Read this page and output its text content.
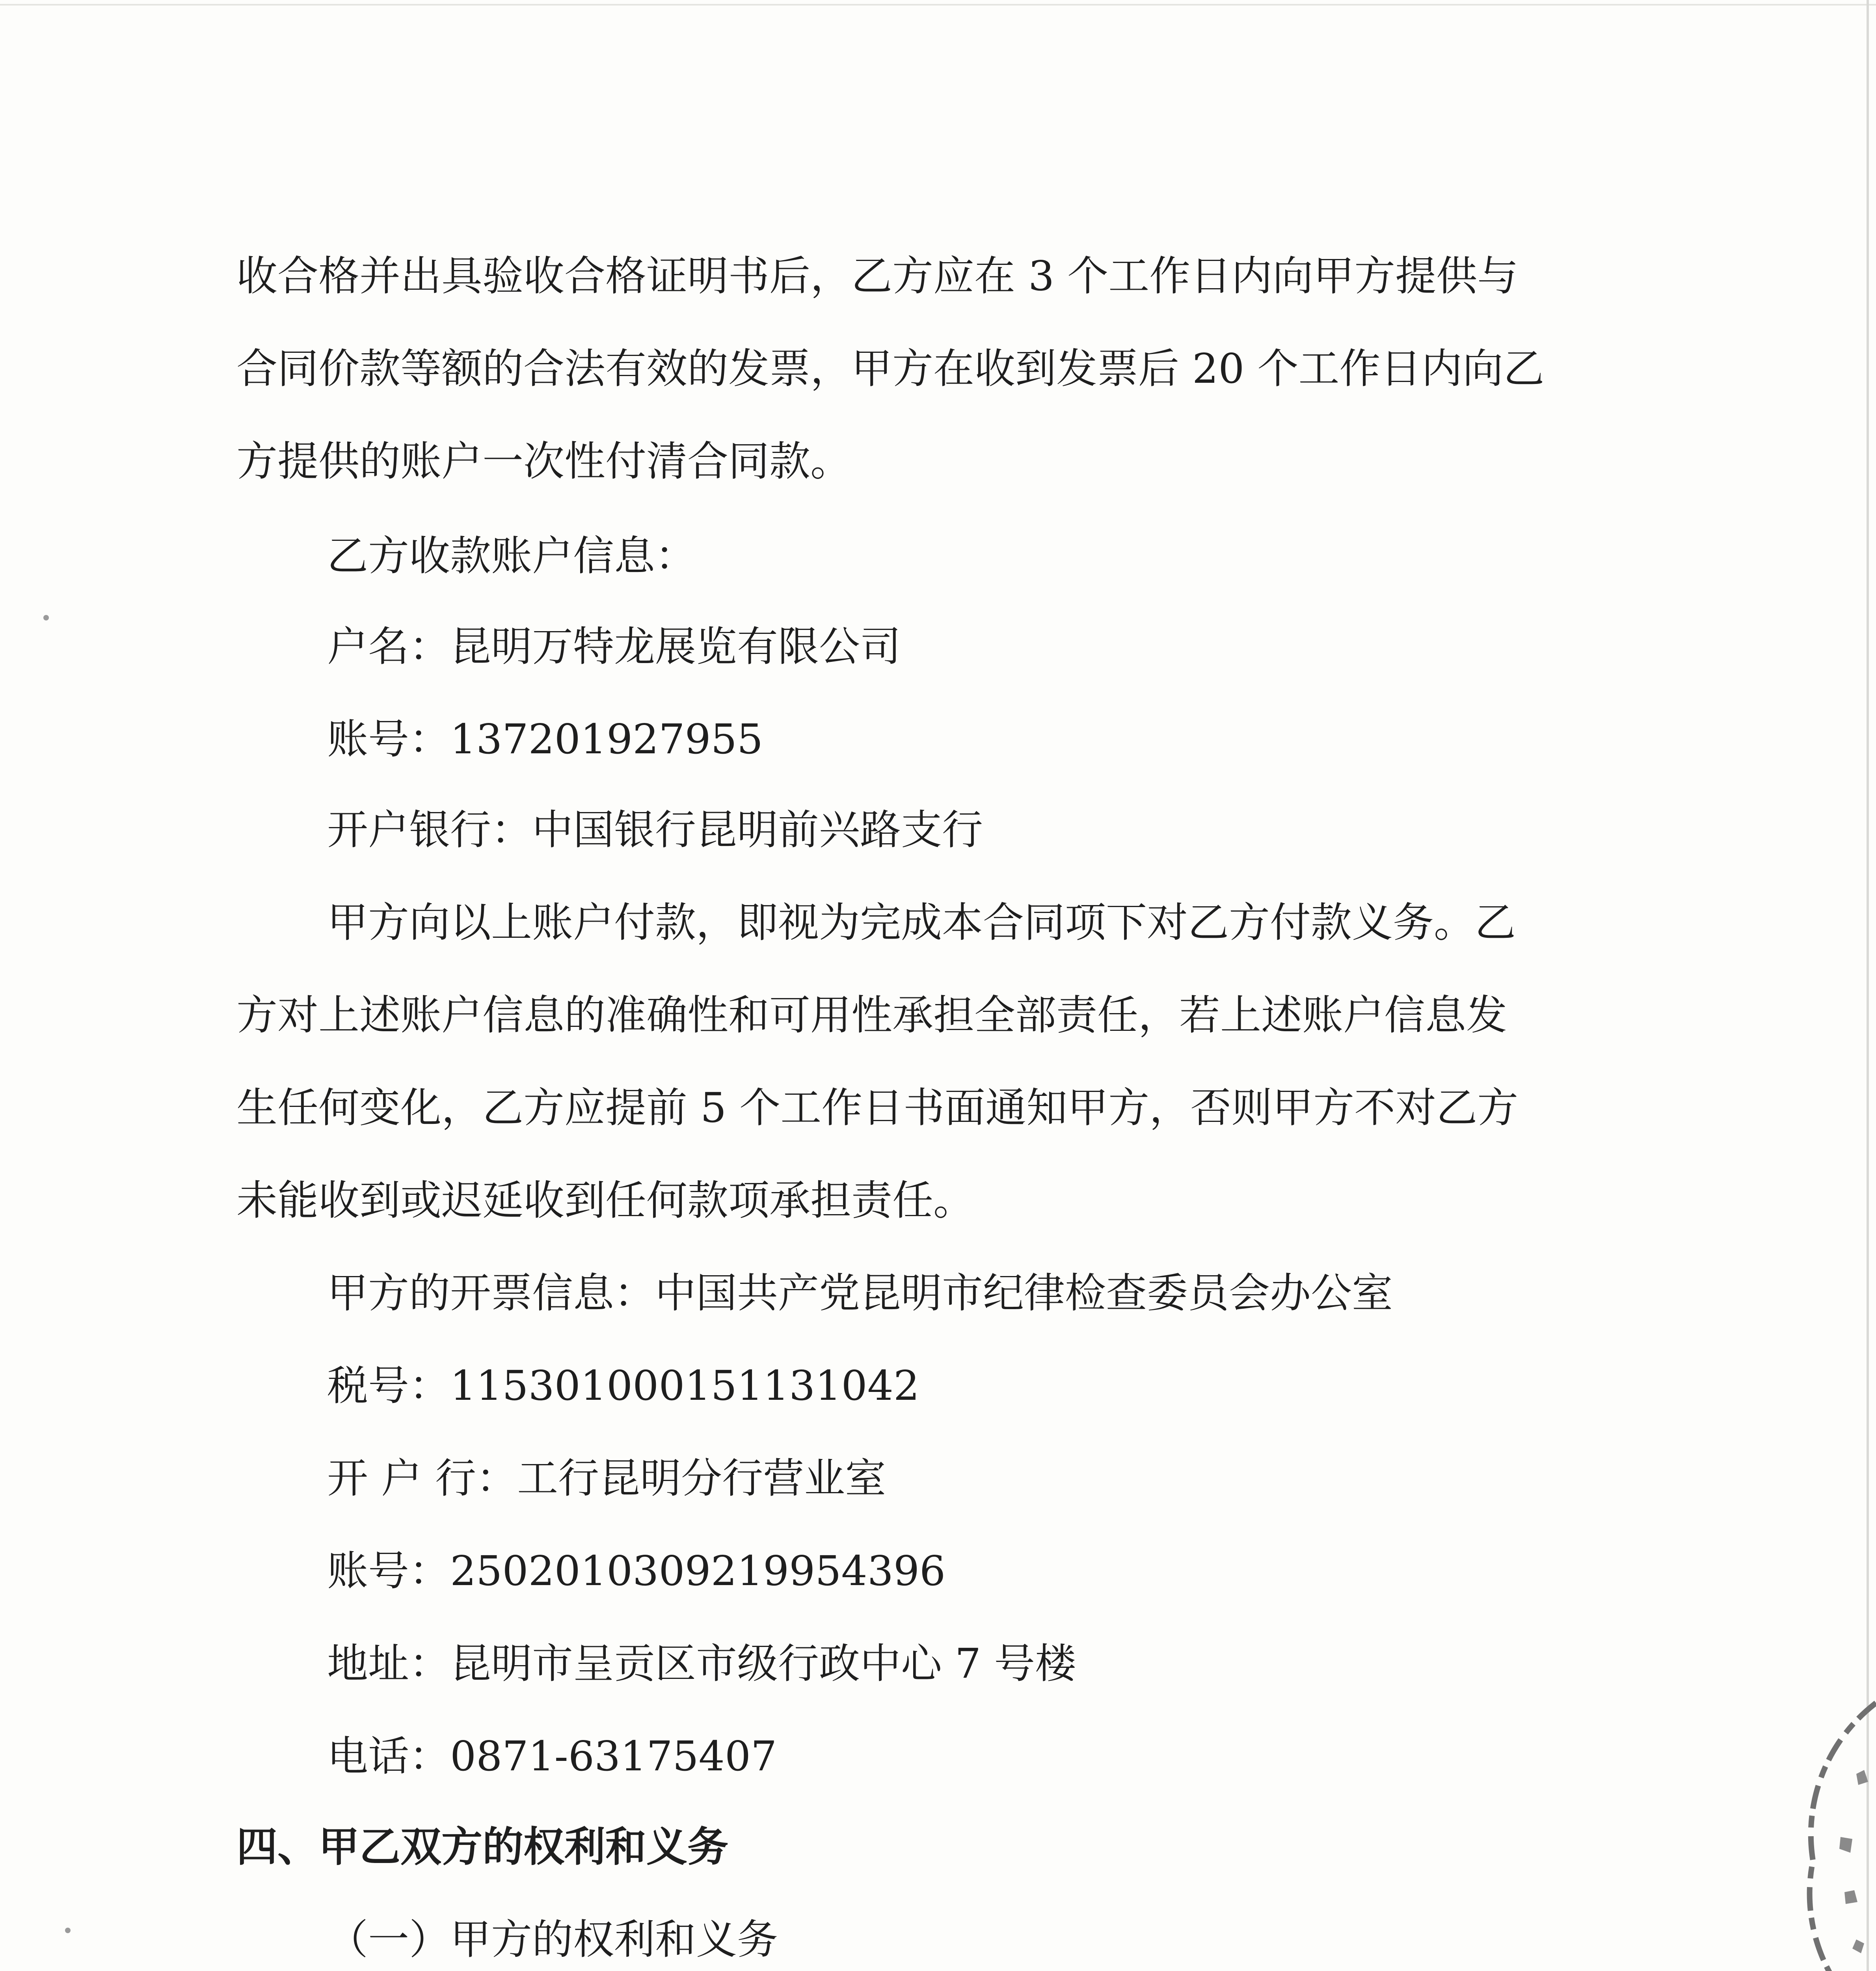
收合格并出具验收合格证明书后，乙方应在 3 个工作日内向甲方提供与
合同价款等额的合法有效的发票，甲方在收到发票后 20 个工作日内向乙
方提供的账户一次性付清合同款。
乙方收款账户信息：
户名：昆明万特龙展览有限公司
账号：137201927955
开户银行：中国银行昆明前兴路支行
甲方向以上账户付款，即视为完成本合同项下对乙方付款义务。乙
方对上述账户信息的准确性和可用性承担全部责任，若上述账户信息发
生任何变化，乙方应提前 5 个工作日书面通知甲方，否则甲方不对乙方
未能收到或迟延收到任何款项承担责任。
甲方的开票信息：中国共产党昆明市纪律检查委员会办公室
税号：11530100015113104​2
开 户 行：工行昆明分行营业室
账号：2502010309219954396
地址：昆明市呈贡区市级行政中心 7 号楼
电话：0871-63175407
四、甲乙双方的权利和义务
（一）甲方的权利和义务
